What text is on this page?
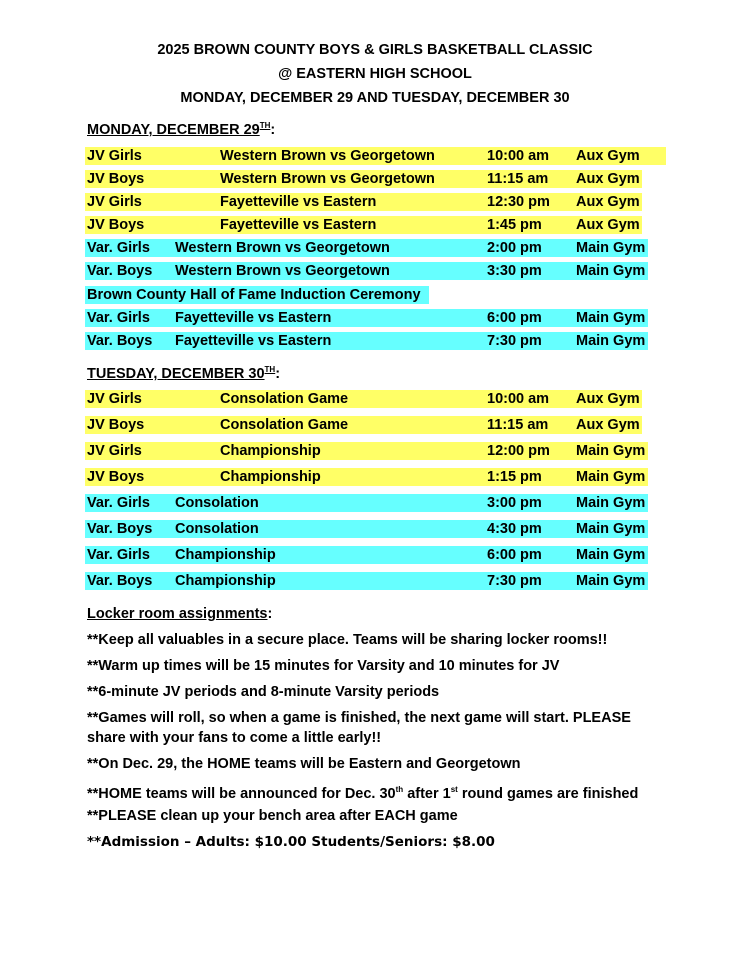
2025 BROWN COUNTY BOYS & GIRLS BASKETBALL CLASSIC
@ EASTERN HIGH SCHOOL
MONDAY, DECEMBER 29 AND TUESDAY, DECEMBER 30
MONDAY, DECEMBER 29TH:
JV Girls	Western Brown vs Georgetown	10:00 am Aux Gym
JV Boys	Western Brown vs Georgetown	11:15 am Aux Gym
JV Girls	Fayetteville vs Eastern	12:30 pm Aux Gym
JV Boys	Fayetteville vs Eastern	1:45 pm Aux Gym
Var. Girls Western Brown vs Georgetown	2:00 pm Main Gym
Var. Boys Western Brown vs Georgetown	3:30 pm Main Gym
Brown County Hall of Fame Induction Ceremony
Var. Girls Fayetteville vs Eastern	6:00 pm Main Gym
Var. Boys Fayetteville vs Eastern	7:30 pm Main Gym
TUESDAY, DECEMBER 30TH:
JV Girls	Consolation Game	10:00 am Aux Gym
JV Boys	Consolation Game	11:15 am Aux Gym
JV Girls	Championship	12:00 pm Main Gym
JV Boys	Championship	1:15 pm Main Gym
Var. Girls Consolation	3:00 pm Main Gym
Var. Boys Consolation	4:30 pm Main Gym
Var. Girls Championship	6:00 pm Main Gym
Var. Boys Championship	7:30 pm Main Gym
Locker room assignments:
**Keep all valuables in a secure place. Teams will be sharing locker rooms!!
**Warm up times will be 15 minutes for Varsity and 10 minutes for JV
**6-minute JV periods and 8-minute Varsity periods
**Games will roll, so when a game is finished, the next game will start. PLEASE share with your fans to come a little early!!
**On Dec. 29, the HOME teams will be Eastern and Georgetown
**HOME teams will be announced for Dec. 30th after 1st round games are finished
**PLEASE clean up your bench area after EACH game
**Admission – Adults: $10.00 Students/Seniors: $8.00
